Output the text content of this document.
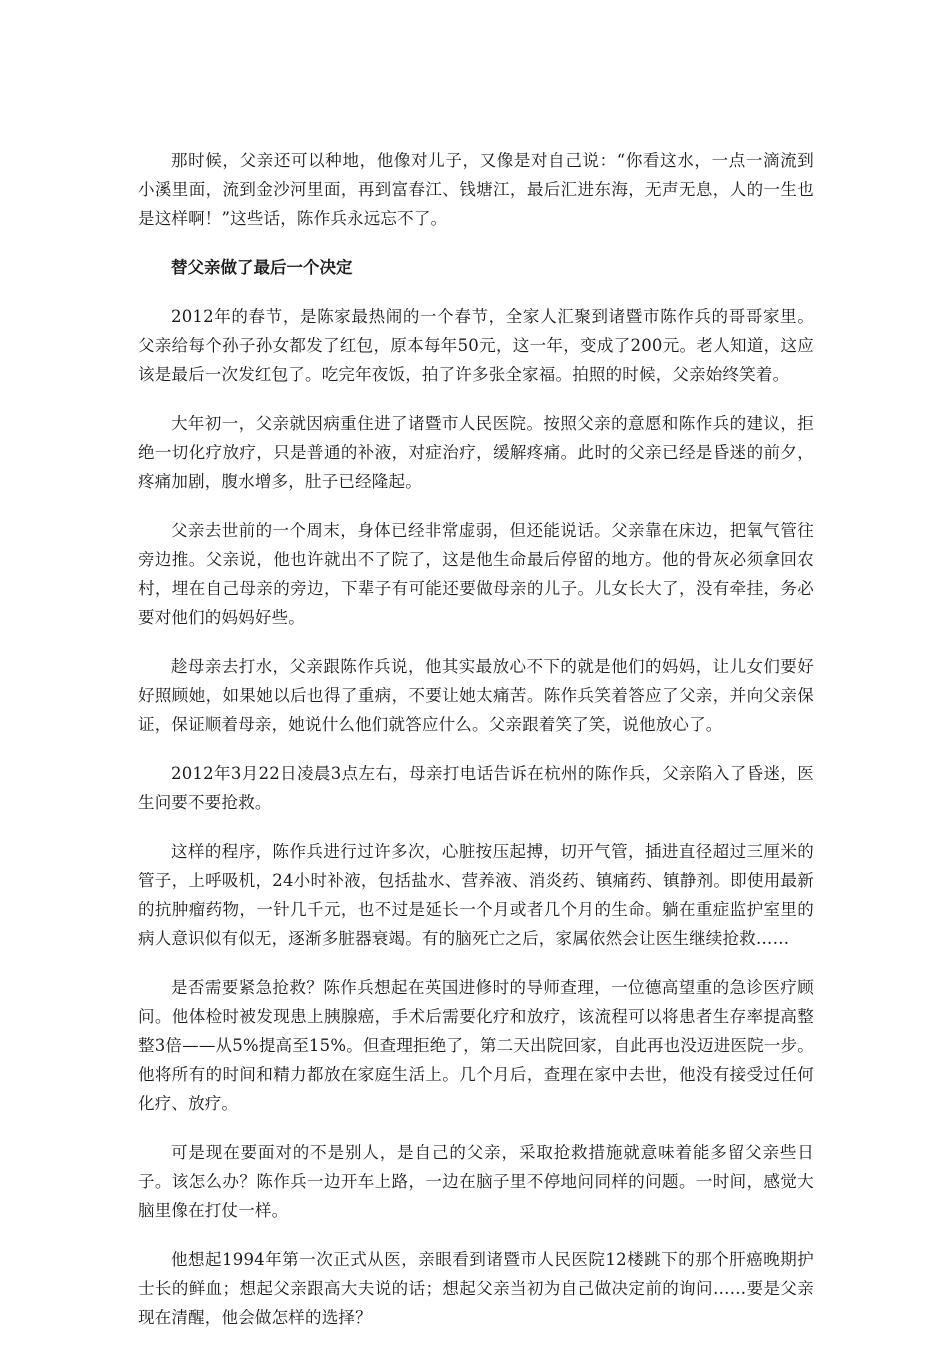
那时候，父亲还可以种地，他像对儿子，又像是对自己说：“你看这水，一点一滴流到小溪里面，流到金沙河里面，再到富春江、钱塘江，最后汇进东海，无声无息，人的一生也是这样啊！”这些话，陈作兵永远忘不了。

替父亲做了最后一个决定

2012年的春节，是陈家最热闹的一个春节，全家人汇聚到诸暨市陈作兵的哥哥家里。父亲给每个孙子孙女都发了红包，原本每年50元，这一年，变成了200元。老人知道，这应该是最后一次发红包了。吃完年夜饭，拍了许多张全家福。拍照的时候，父亲始终笑着。

大年初一，父亲就因病重住进了诸暨市人民医院。按照父亲的意愿和陈作兵的建议，拒绝一切化疗放疗，只是普通的补液，对症治疗，缓解疼痛。此时的父亲已经是昏迷的前夕，疼痛加剧，腹水增多，肚子已经隆起。

父亲去世前的一个周末，身体已经非常虚弱，但还能说话。父亲靠在床边，把氧气管往旁边推。父亲说，他也许就出不了院了，这是他生命最后停留的地方。他的骨灰必须拿回农村，埋在自己母亲的旁边，下辈子有可能还要做母亲的儿子。儿女长大了，没有牵挂，务必要对他们的妈妈好些。

趁母亲去打水，父亲跟陈作兵说，他其实最放心不下的就是他们的妈妈，让儿女们要好好照顾她，如果她以后也得了重病，不要让她太痛苦。陈作兵笑着答应了父亲，并向父亲保证，保证顺着母亲，她说什么他们就答应什么。父亲跟着笑了笑，说他放心了。

2012年3月22日凌晨3点左右，母亲打电话告诉在杭州的陈作兵，父亲陷入了昏迷，医生问要不要抢救。

这样的程序，陈作兵进行过许多次，心脏按压起搏，切开气管，插进直径超过三厘米的管子，上呼吸机，24小时补液，包括盐水、营养液、消炎药、镇痛药、镇静剂。即使用最新的抗肿瘤药物，一针几千元，也不过是延长一个月或者几个月的生命。躺在重症监护室里的病人意识似有似无，逐渐多脏器衰竭。有的脑死亡之后，家属依然会让医生继续抢救……

是否需要紧急抢救？陈作兵想起在英国进修时的导师查理，一位德高望重的急诊医疗顾问。他体检时被发现患上胰腺癌，手术后需要化疗和放疗，该流程可以将患者生存率提高整整3倍——从5%提高至15%。但查理拒绝了，第二天出院回家，自此再也没迈进医院一步。他将所有的时间和精力都放在家庭生活上。几个月后，查理在家中去世，他没有接受过任何化疗、放疗。

可是现在要面对的不是别人，是自己的父亲，采取抢救措施就意味着能多留父亲些日子。该怎么办？陈作兵一边开车上路，一边在脑子里不停地问同样的问题。一时间，感觉大脑里像在打仗一样。

他想起1994年第一次正式从医，亲眼看到诸暨市人民医院12楼跳下的那个肝癌晚期护士长的鲜血；想起父亲跟高大夫说的话；想起父亲当初为自己做决定前的询问……要是父亲现在清醒，他会做怎样的选择？
